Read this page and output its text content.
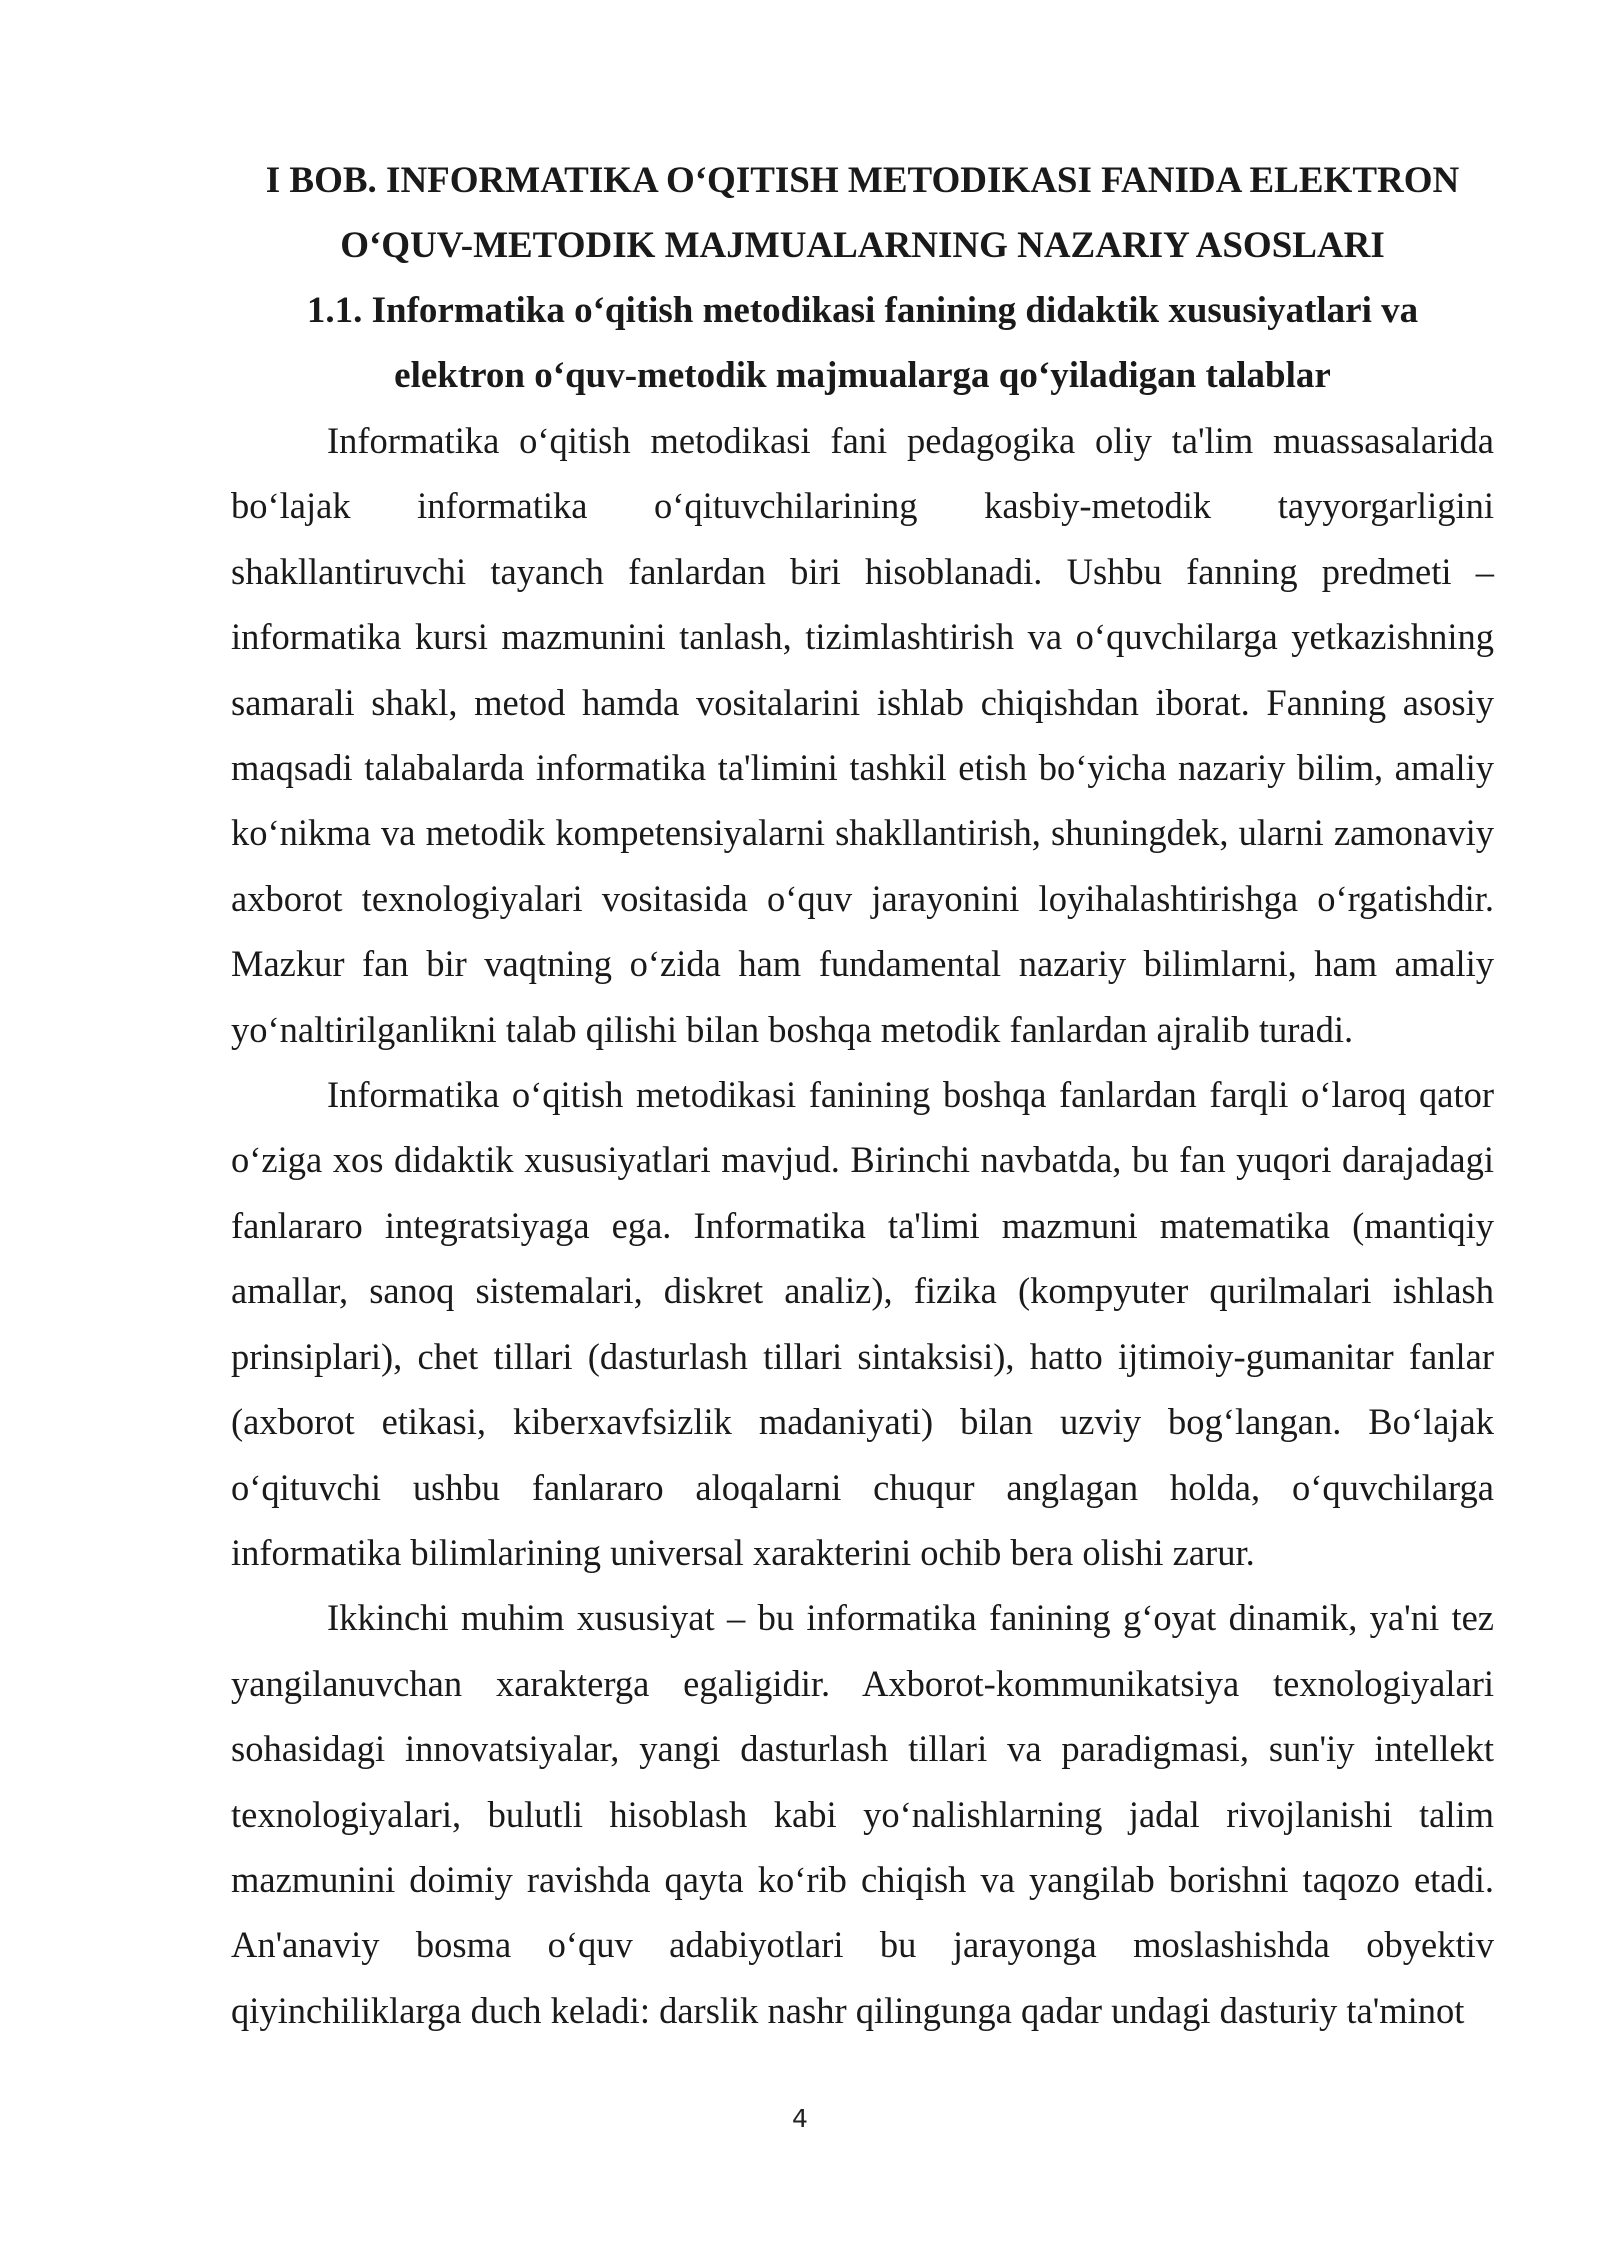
I BOB. INFORMATIKA O‘QITISH METODIKASI FANIDA ELEKTRON

O‘QUV-METODIK MAJMUALARNING NAZARIY ASOSLARI

1.1. Informatika o‘qitish metodikasi fanining didaktik xususiyatlari va

elektron o‘quv-metodik majmualarga qo‘yiladigan talablar

Informatika o‘qitish metodikasi fani pedagogika oliy ta'lim muassasalarida bo‘lajak informatika o‘qituvchilarining kasbiy-metodik tayyorgarligini shakllantiruvchi tayanch fanlardan biri hisoblanadi. Ushbu fanning predmeti – informatika kursi mazmunini tanlash, tizimlashtirish va o‘quvchilarga yetkazishning samarali shakl, metod hamda vositalarini ishlab chiqishdan iborat. Fanning asosiy maqsadi talabalarda informatika ta'limini tashkil etish bo‘yicha nazariy bilim, amaliy ko‘nikma va metodik kompetensiyalarni shakllantirish, shuningdek, ularni zamonaviy axborot texnologiyalari vositasida o‘quv jarayonini loyihalashtirishga o‘rgatishdir. Mazkur fan bir vaqtning o‘zida ham fundamental nazariy bilimlarni, ham amaliy yo‘naltirilganlikni talab qilishi bilan boshqa metodik fanlardan ajralib turadi.

Informatika o‘qitish metodikasi fanining boshqa fanlardan farqli o‘laroq qator o‘ziga xos didaktik xususiyatlari mavjud. Birinchi navbatda, bu fan yuqori darajadagi fanlararo integratsiyaga ega. Informatika ta'limi mazmuni matematika (mantiqiy amallar, sanoq sistemalari, diskret analiz), fizika (kompyuter qurilmalari ishlash prinsiplari), chet tillari (dasturlash tillari sintaksisi), hatto ijtimoiy-gumanitar fanlar (axborot etikasi, kiberxavfsizlik madaniyati) bilan uzviy bog‘langan. Bo‘lajak o‘qituvchi ushbu fanlararo aloqalarni chuqur anglagan holda, o‘quvchilarga informatika bilimlarining universal xarakterini ochib bera olishi zarur.

Ikkinchi muhim xususiyat – bu informatika fanining g‘oyat dinamik, ya'ni tez yangilanuvchan xarakterga egaligidir. Axborot-kommunikatsiya texnologiyalari sohasidagi innovatsiyalar, yangi dasturlash tillari va paradigmasi, sun'iy intellekt texnologiyalari, bulutli hisoblash kabi yo‘nalishlarning jadal rivojlanishi talim mazmunini doimiy ravishda qayta ko‘rib chiqish va yangilab borishni taqozo etadi. An'anaviy bosma o‘quv adabiyotlari bu jarayonga moslashishda obyektiv qiyinchiliklarga duch keladi: darslik nashr qilingunga qadar undagi dasturiy ta'minot

4
